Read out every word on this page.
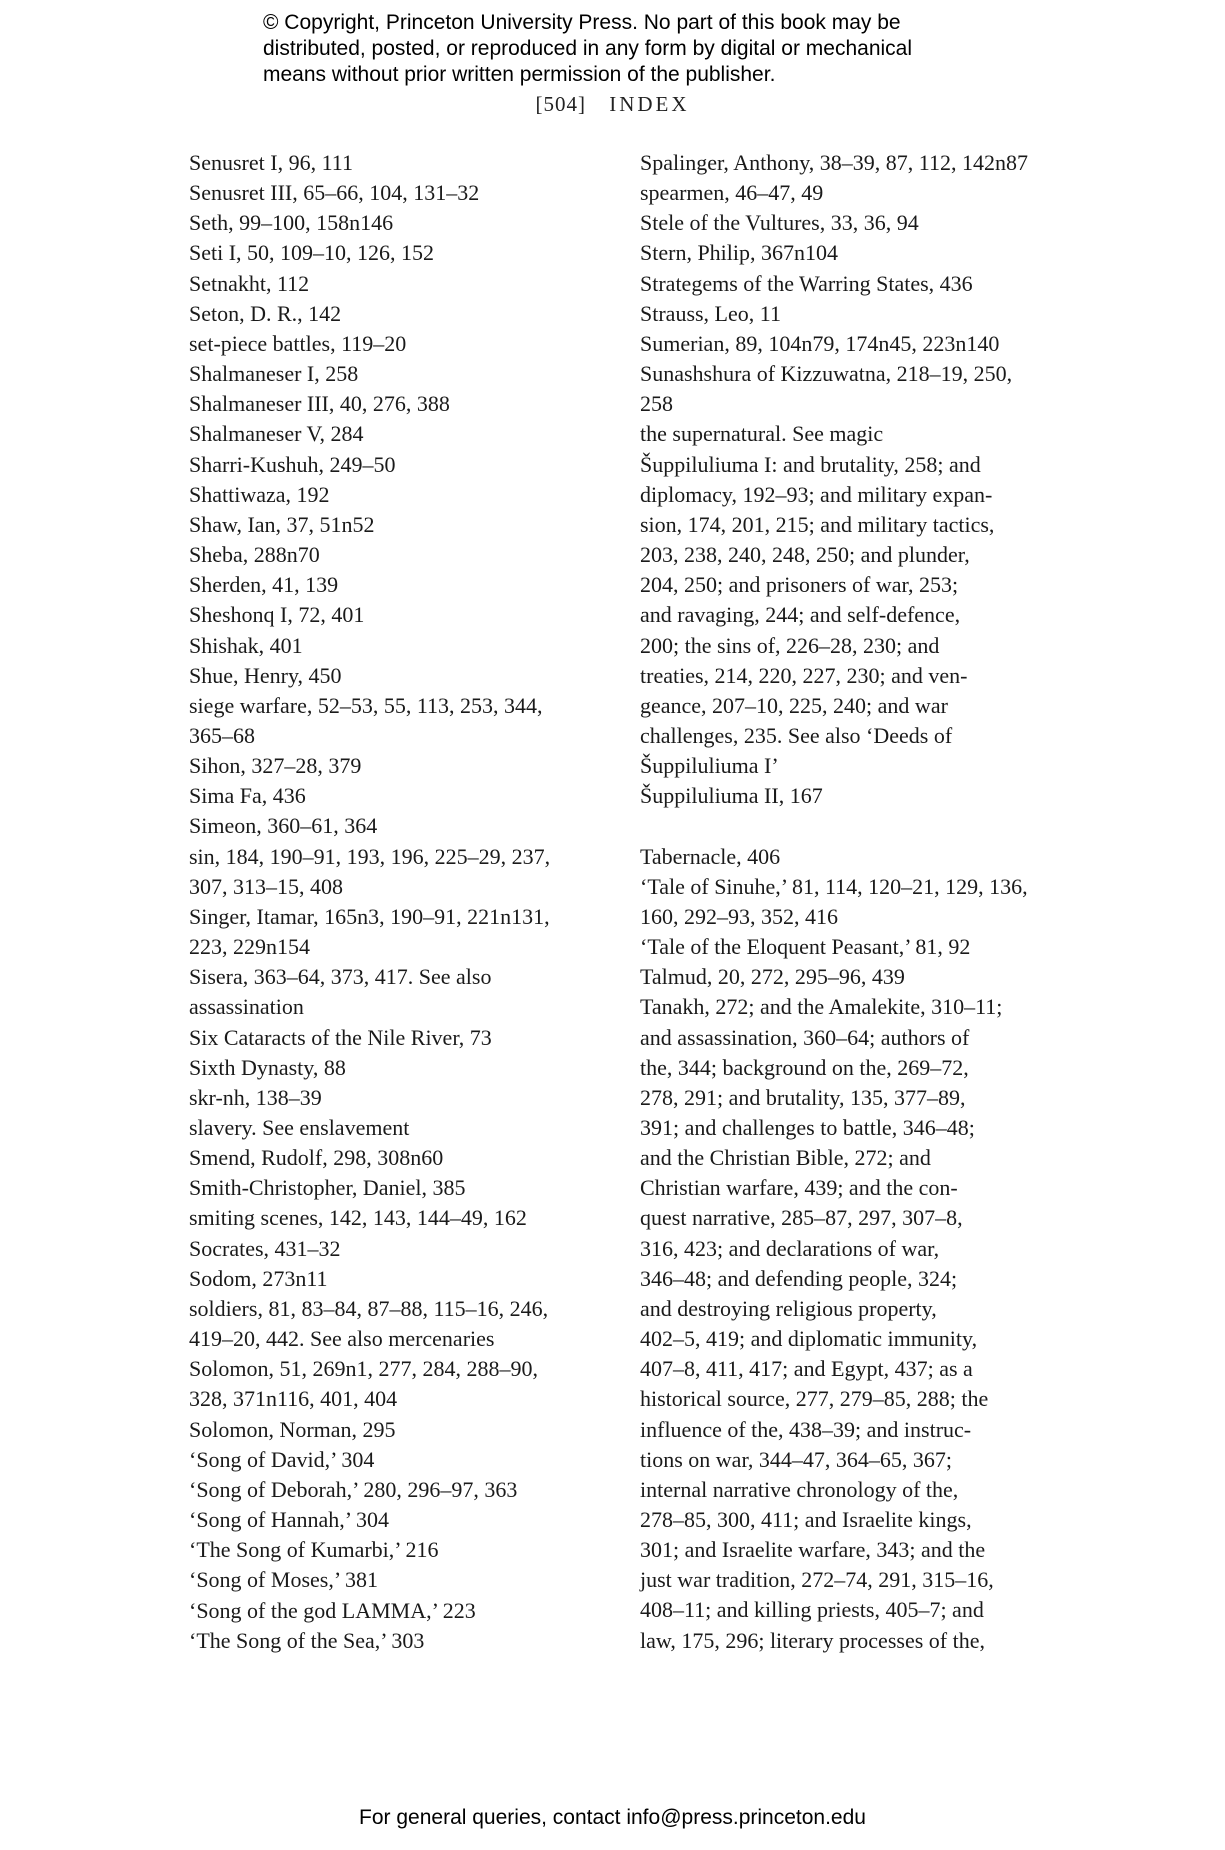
© Copyright, Princeton University Press. No part of this book may be
distributed, posted, or reproduced in any form by digital or mechanical
means without prior written permission of the publisher.
[504] INDEX

Senusret I, 96, 111

Senusret III, 65–66, 104, 131–32

Seth, 99–100, 158n146

Seti I, 50, 109–10, 126, 152

Setnakht, 112

Seton, D. R., 142

set-piece battles, 119–20

Shalmaneser I, 258

Shalmaneser III, 40, 276, 388

Shalmaneser V, 284

Sharri-Kushuh, 249–50

Shattiwaza, 192

Shaw, Ian, 37, 51n52

Sheba, 288n70

Sherden, 41, 139

Sheshonq I, 72, 401

Shishak, 401

Shue, Henry, 450

siege warfare, 52–53, 55, 113, 253, 344,
365–68

Sihon, 327–28, 379

Sima Fa, 436

Simeon, 360–61, 364

sin, 184, 190–91, 193, 196, 225–29, 237,
307, 313–15, 408

Singer, Itamar, 165n3, 190–91, 221n131,
223, 229n154

Sisera, 363–64, 373, 417. See also
assassination

Six Cataracts of the Nile River, 73

Sixth Dynasty, 88

skr-nh, 138–39

slavery. See enslavement

Smend, Rudolf, 298, 308n60

Smith-Christopher, Daniel, 385

smiting scenes, 142, 143, 144–49, 162

Socrates, 431–32

Sodom, 273n11

soldiers, 81, 83–84, 87–88, 115–16, 246,
419–20, 442. See also mercenaries

Solomon, 51, 269n1, 277, 284, 288–90,
328, 371n116, 401, 404

Solomon, Norman, 295

‘Song of David,’ 304

‘Song of Deborah,’ 280, 296–97, 363

‘Song of Hannah,’ 304

‘The Song of Kumarbi,’ 216

‘Song of Moses,’ 381

‘Song of the god LAMMA,’ 223

‘The Song of the Sea,’ 303

Spalinger, Anthony, 38–39, 87, 112, 142n87

spearmen, 46–47, 49

Stele of the Vultures, 33, 36, 94

Stern, Philip, 367n104

Strategems of the Warring States, 436

Strauss, Leo, 11

Sumerian, 89, 104n79, 174n45, 223n140

Sunashshura of Kizzuwatna, 218–19, 250,
258

the supernatural. See magic

Šuppiluliuma I: and brutality, 258; and
diplomacy, 192–93; and military expan-
sion, 174, 201, 215; and military tactics,
203, 238, 240, 248, 250; and plunder,
204, 250; and prisoners of war, 253;
and ravaging, 244; and self-defence,
200; the sins of, 226–28, 230; and
treaties, 214, 220, 227, 230; and ven-
geance, 207–10, 225, 240; and war
challenges, 235. See also ‘Deeds of
Šuppiluliuma I’

Šuppiluliuma II, 167

Tabernacle, 406

‘Tale of Sinuhe,’ 81, 114, 120–21, 129, 136,
160, 292–93, 352, 416

‘Tale of the Eloquent Peasant,’ 81, 92

Talmud, 20, 272, 295–96, 439

Tanakh, 272; and the Amalekite, 310–11;
and assassination, 360–64; authors of
the, 344; background on the, 269–72,
278, 291; and brutality, 135, 377–89,
391; and challenges to battle, 346–48;
and the Christian Bible, 272; and
Christian warfare, 439; and the con-
quest narrative, 285–87, 297, 307–8,
316, 423; and declarations of war,
346–48; and defending people, 324;
and destroying religious property,
402–5, 419; and diplomatic immunity,
407–8, 411, 417; and Egypt, 437; as a
historical source, 277, 279–85, 288; the
influence of the, 438–39; and instruc-
tions on war, 344–47, 364–65, 367;
internal narrative chronology of the,
278–85, 300, 411; and Israelite kings,
301; and Israelite warfare, 343; and the
just war tradition, 272–74, 291, 315–16,
408–11; and killing priests, 405–7; and
law, 175, 296; literary processes of the,

For general queries, contact info@press.princeton.edu
